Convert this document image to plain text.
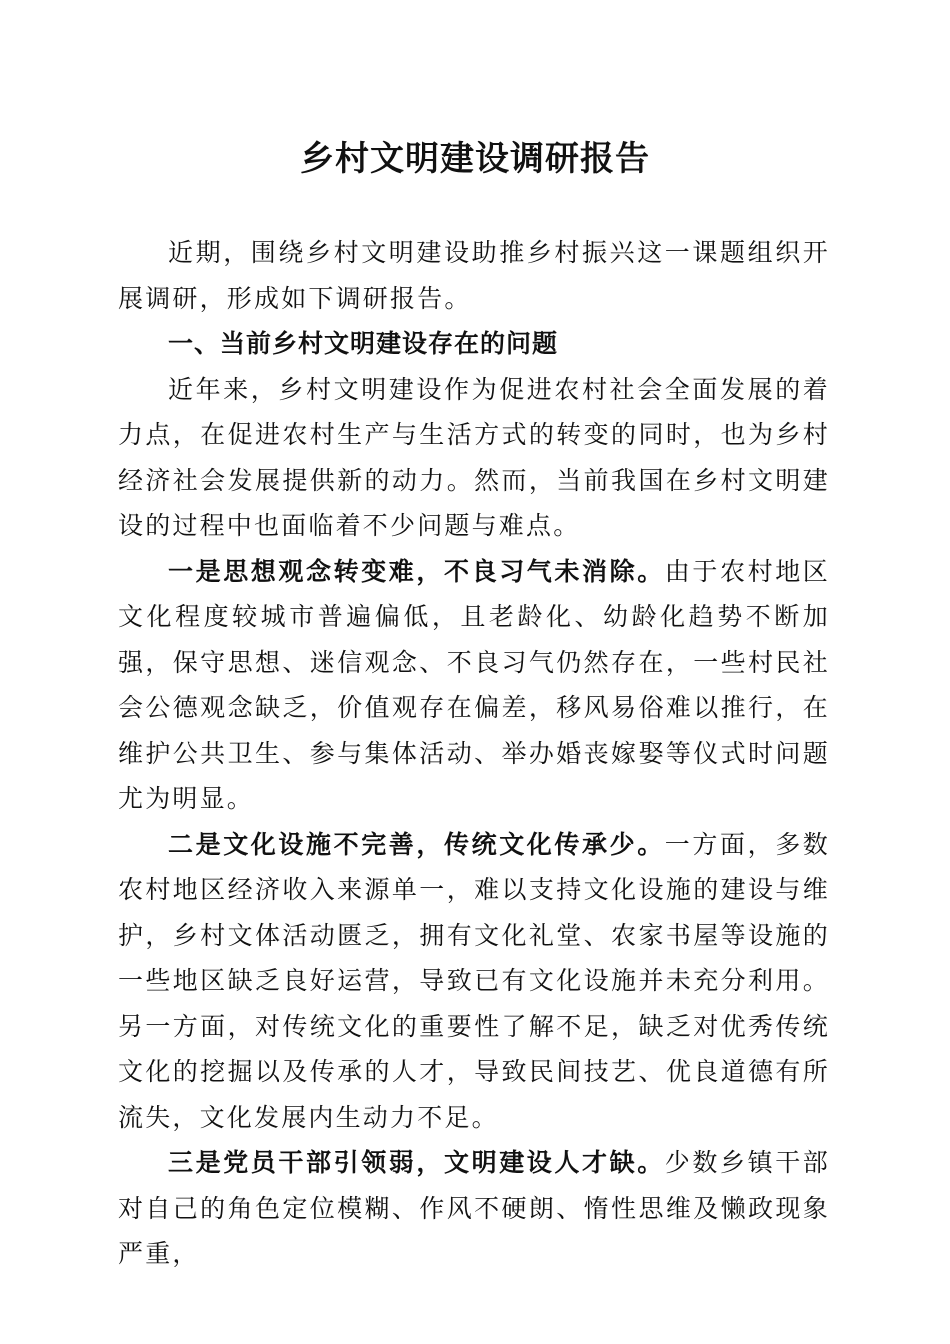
乡村文明建设调研报告

近期，围绕乡村文明建设助推乡村振兴这一课题组织开展调研，形成如下调研报告。

一、当前乡村文明建设存在的问题

近年来，乡村文明建设作为促进农村社会全面发展的着力点，在促进农村生产与生活方式的转变的同时，也为乡村经济社会发展提供新的动力。然而，当前我国在乡村文明建设的过程中也面临着不少问题与难点。

一是思想观念转变难，不良习气未消除。由于农村地区文化程度较城市普遍偏低，且老龄化、幼龄化趋势不断加强，保守思想、迷信观念、不良习气仍然存在，一些村民社会公德观念缺乏，价值观存在偏差，移风易俗难以推行，在维护公共卫生、参与集体活动、举办婚丧嫁娶等仪式时问题尤为明显。

二是文化设施不完善，传统文化传承少。一方面，多数农村地区经济收入来源单一，难以支持文化设施的建设与维护，乡村文体活动匮乏，拥有文化礼堂、农家书屋等设施的一些地区缺乏良好运营，导致已有文化设施并未充分利用。另一方面，对传统文化的重要性了解不足，缺乏对优秀传统文化的挖掘以及传承的人才，导致民间技艺、优良道德有所流失，文化发展内生动力不足。

三是党员干部引领弱，文明建设人才缺。少数乡镇干部对自己的角色定位模糊、作风不硬朗、惰性思维及懒政现象严重，
